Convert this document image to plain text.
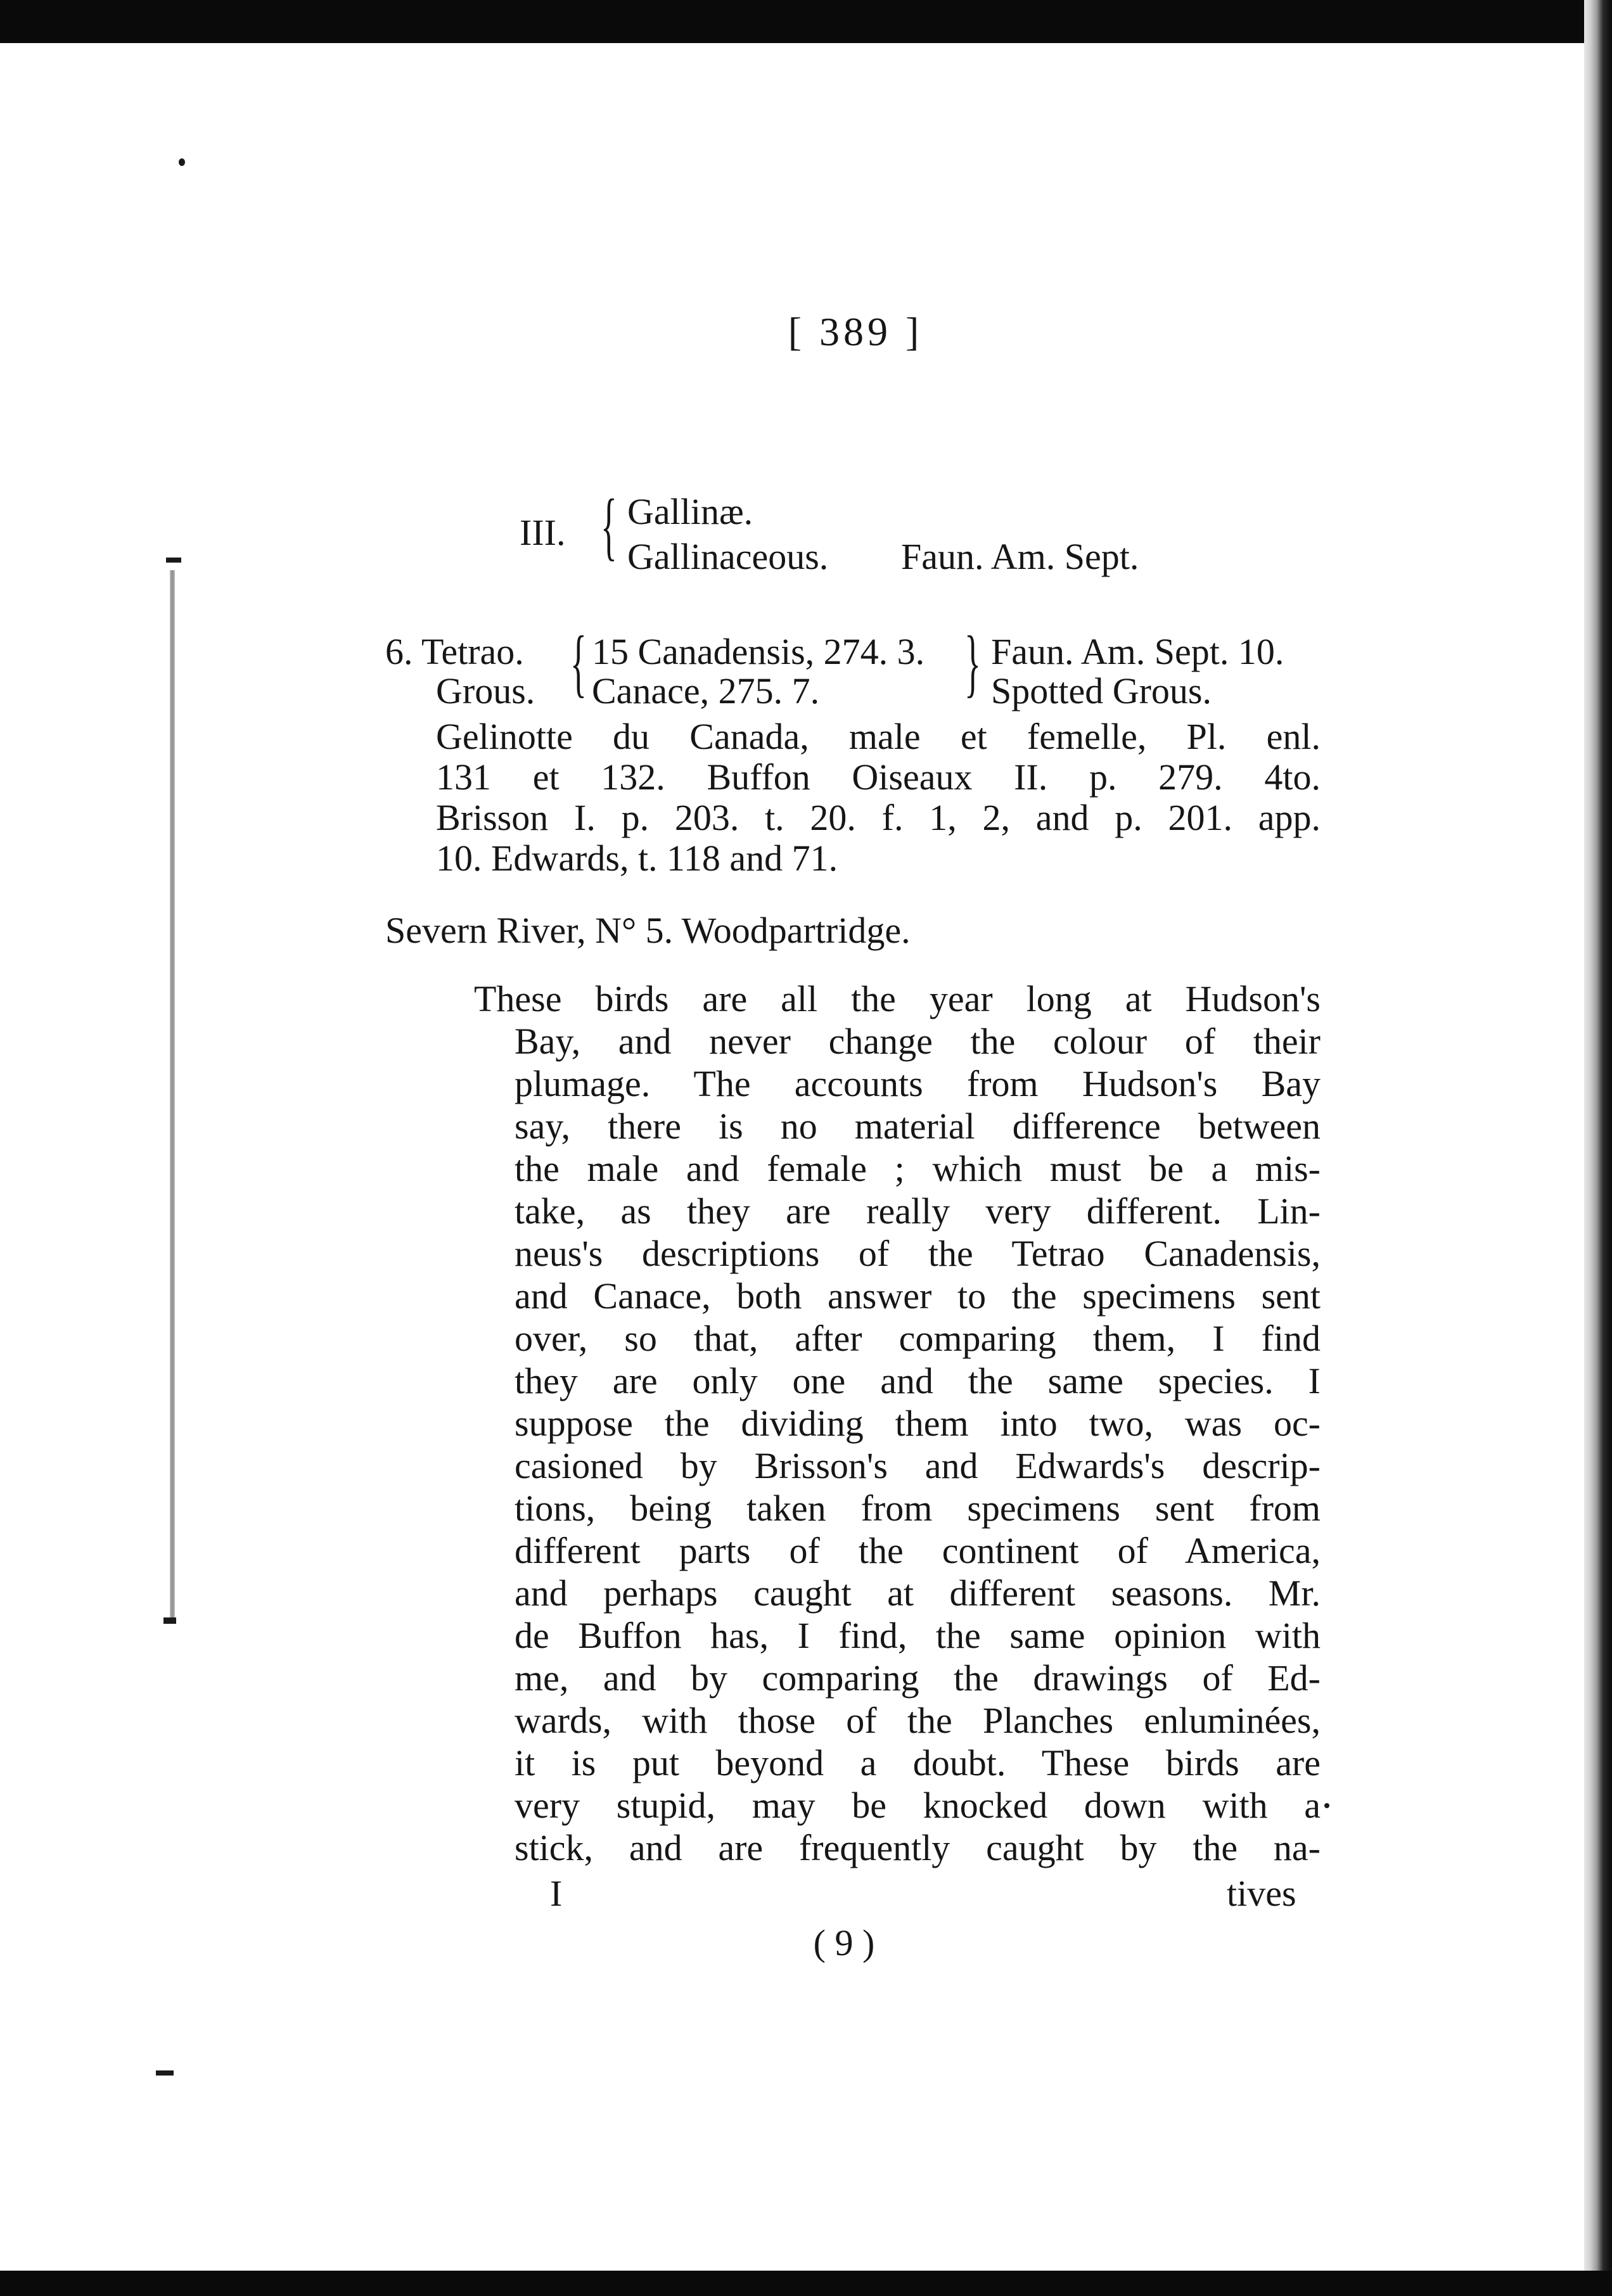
[ 389 ]
III. { Gallinæ.
Gallinaceous. Faun. Am. Sept.
6. Tetrao.
Grous. { 15 Canadensis, 274. 3.
Canace, 275. 7. } Faun. Am. Sept. 10.
Spotted Grous.
Gelinotte du Canada, male et femelle, Pl. enl.
131 et 132. Buffon Oiseaux II. p. 279. 4to.
Brisson I. p. 203. t. 20. f. 1, 2, and p. 201. app.
10. Edwards, t. 118 and 71.
Severn River, N° 5. Woodpartridge.
These birds are all the year long at Hudson's
Bay, and never change the colour of their
plumage. The accounts from Hudson's Bay
say, there is no material difference between
the male and female ; which must be a mis-
take, as they are really very different. Lin-
neus's descriptions of the Tetrao Canadensis,
and Canace, both answer to the specimens sent
over, so that, after comparing them, I find
they are only one and the same species. I
suppose the dividing them into two, was oc-
casioned by Brisson's and Edwards's descrip-
tions, being taken from specimens sent from
different parts of the continent of America,
and perhaps caught at different seasons. Mr.
de Buffon has, I find, the same opinion with
me, and by comparing the drawings of Ed-
wards, with those of the Planches enluminées,
it is put beyond a doubt. These birds are
very stupid, may be knocked down with a
stick, and are frequently caught by the na-
I	tives
( 9 )
